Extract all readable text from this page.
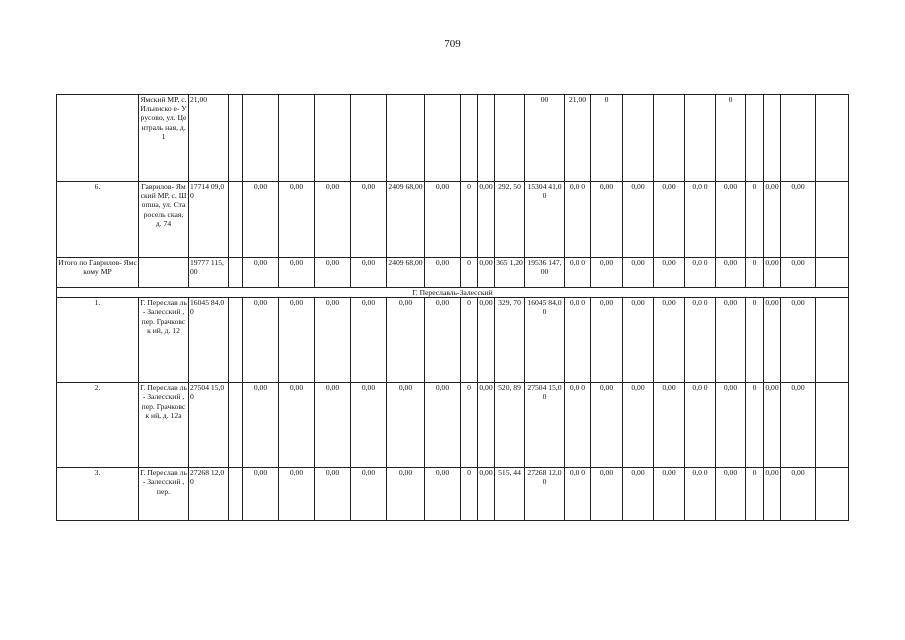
709
	Ямский МР, с. Ильинско е- Урусово, ул. Централь ная, д. 1	21,00											00	21,00	0				0				
6.	Гаврилов- Ямский МР, с. Шопша, ул. Старосель ская, д. 74	17714 09,00		0,00	0,00	0,00	0,00	2409 68,00	0,00	0	0,00	292, 50	15304 41,00	0,0 0	0,00	0,00	0,00	0,0 0	0,00	0	0,00	0,00	
Итого по Гаврилов- Ямскому МР		19777 115,00		0,00	0,00	0,00	0,00	2409 68,00	0,00	0	0,00	365 1,20	19536 147,00	0,0 0	0,00	0,00	0,00	0,0 0	0,00	0	0,00	0,00	
Г. Переславль-Залесский																							
1.	Г. Переслав ль- Залесский , пер. Грачковск ий, д. 12	16045 84,00		0,00	0,00	0,00	0,00	0,00	0,00	0	0,00	329, 70	16045 84,00	0,0 0	0,00	0,00	0,00	0,0 0	0,00	0	0,00	0,00	
2.	Г. Переслав ль- Залесский , пер. Грачковск ий, д. 12а	27504 15,00		0,00	0,00	0,00	0,00	0,00	0,00	0	0,00	520, 89	27504 15,00	0,0 0	0,00	0,00	0,00	0,0 0	0,00	0	0,00	0,00	
3.	Г. Переслав ль- Залесский , пер.	27268 12,00		0,00	0,00	0,00	0,00	0,00	0,00	0	0,00	515, 44	27268 12,00	0,0 0	0,00	0,00	0,00	0,0 0	0,00	0	0,00	0,00	
